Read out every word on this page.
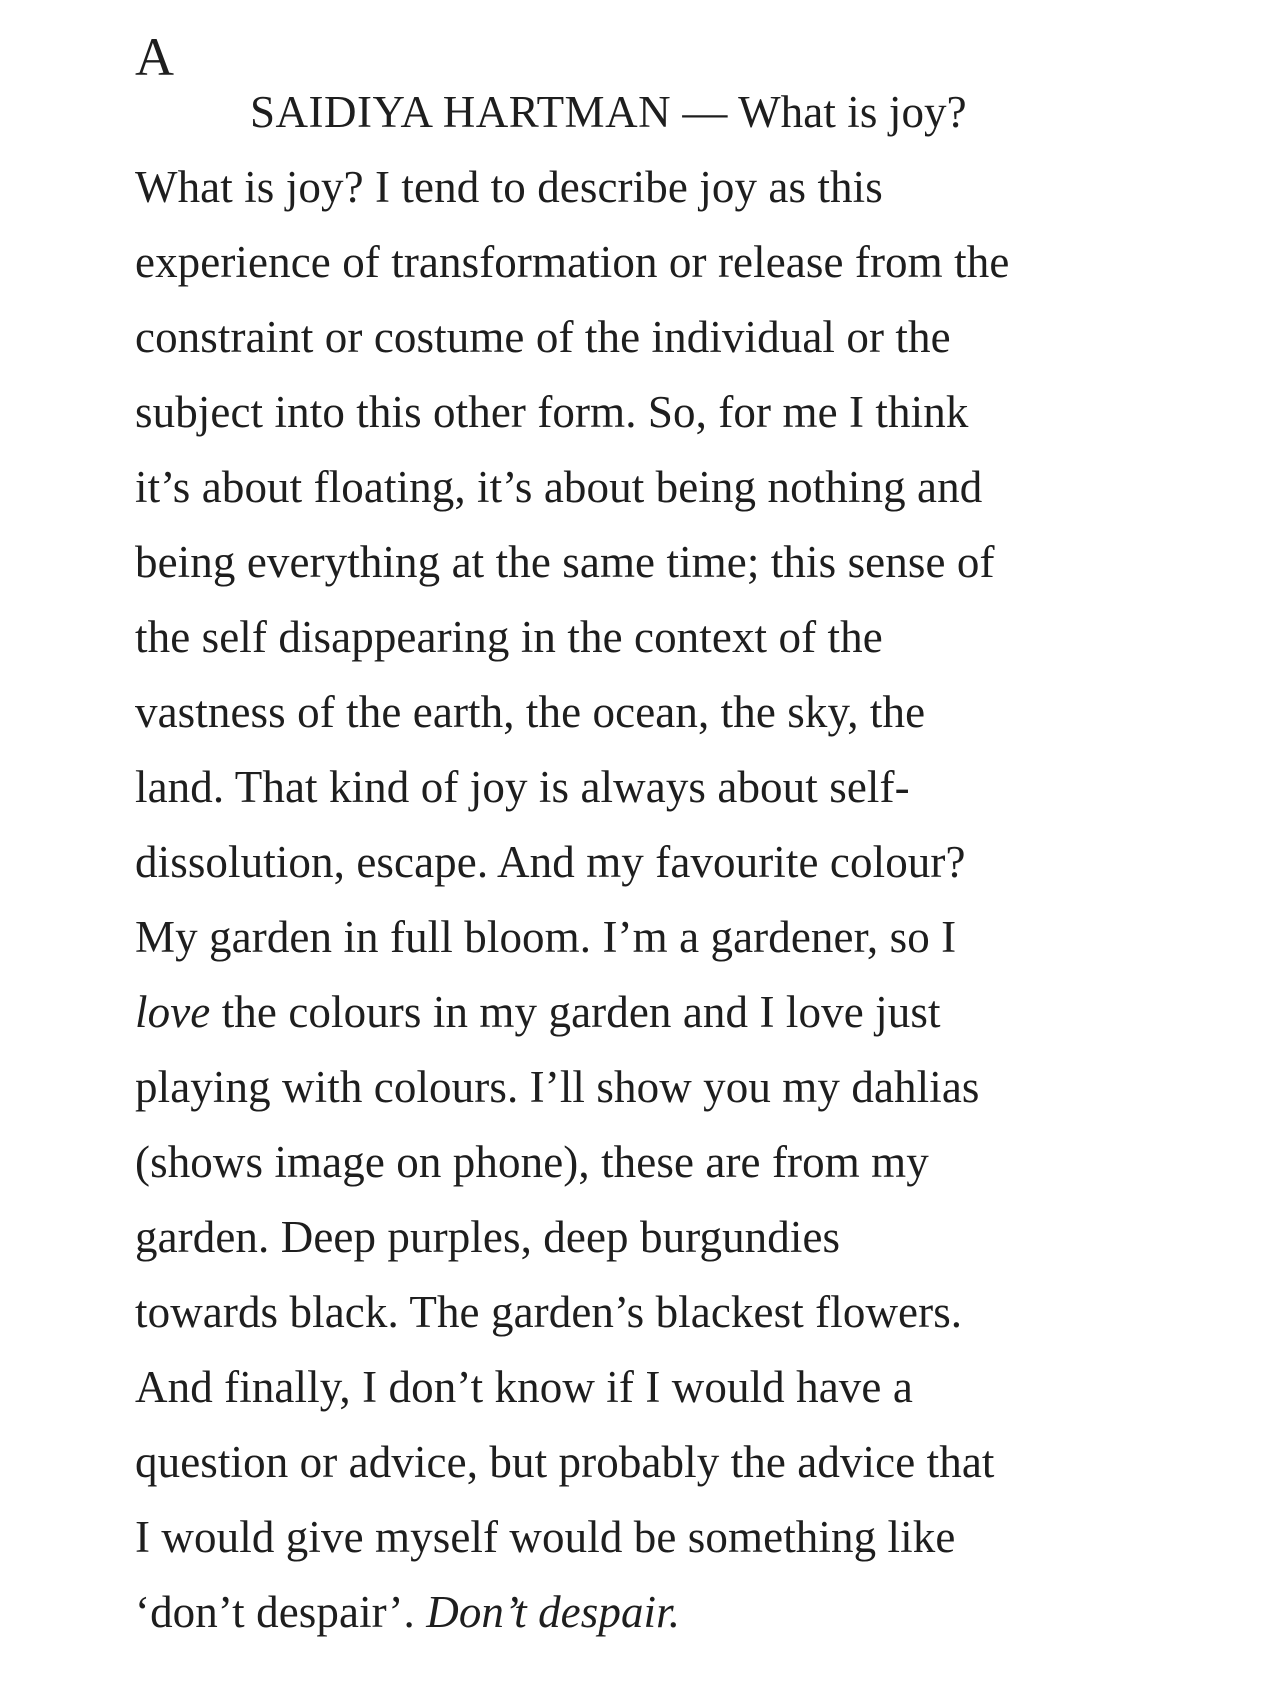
A

SAIDIYA HARTMAN — What is joy?
What is joy? I tend to describe joy as this
experience of transformation or release from the
constraint or costume of the individual or the
subject into this other form. So, for me I think
it’s about floating, it’s about being nothing and
being everything at the same time; this sense of
the self disappearing in the context of the
vastness of the earth, the ocean, the sky, the
land. That kind of joy is always about self-
dissolution, escape. And my favourite colour?
My garden in full bloom. I’m a gardener, so I
love the colours in my garden and I love just
playing with colours. I’ll show you my dahlias
(shows image on phone), these are from my
garden. Deep purples, deep burgundies
towards black. The garden’s blackest flowers.
And finally, I don’t know if I would have a
question or advice, but probably the advice that
I would give myself would be something like
‘don’t despair’. Don’t despair.
